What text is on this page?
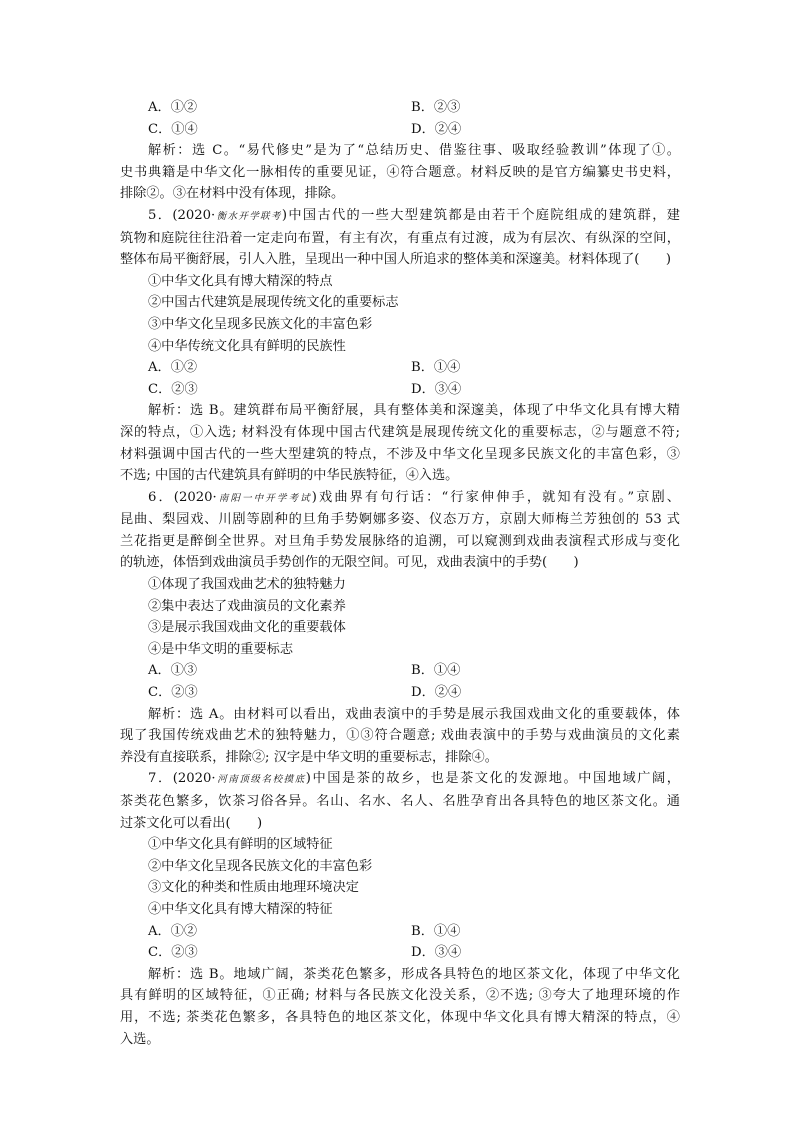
A．①②	B．②③
C．①④	D．②④
解析：选 C。“易代修史”是为了“总结历史、借鉴往事、吸取经验教训”体现了①。
史书典籍是中华文化一脉相传的重要见证，④符合题意。材料反映的是官方编纂史书史料，
排除②。③在材料中没有体现，排除。
5．(2020·衡水开学联考)中国古代的一些大型建筑都是由若干个庭院组成的建筑群，建
筑物和庭院往往沿着一定走向布置，有主有次，有重点有过渡，成为有层次、有纵深的空间，
整体布局平衡舒展，引人入胜，呈现出一种中国人所追求的整体美和深邃美。材料体现了(　　)
①中华文化具有博大精深的特点
②中国古代建筑是展现传统文化的重要标志
③中华文化呈现多民族文化的丰富色彩
④中华传统文化具有鲜明的民族性
A．①②	B．①④
C．②③	D．③④
解析：选 B。建筑群布局平衡舒展，具有整体美和深邃美，体现了中华文化具有博大精
深的特点，①入选; 材料没有体现中国古代建筑是展现传统文化的重要标志，②与题意不符;
材料强调中国古代的一些大型建筑的特点，不涉及中华文化呈现多民族文化的丰富色彩，③
不选; 中国的古代建筑具有鲜明的中华民族特征，④入选。
6．(2020·南阳一中开学考试)戏曲界有句行话：“行家伸伸手，就知有没有。”京剧、
昆曲、梨园戏、川剧等剧种的旦角手势婀娜多姿、仪态万方，京剧大师梅兰芳独创的 53 式
兰花指更是醉倒全世界。对旦角手势发展脉络的追溯，可以窥测到戏曲表演程式形成与变化
的轨迹，体悟到戏曲演员手势创作的无限空间。可见，戏曲表演中的手势(　　)
①体现了我国戏曲艺术的独特魅力
②集中表达了戏曲演员的文化素养
③是展示我国戏曲文化的重要载体
④是中华文明的重要标志
A．①③	B．①④
C．②③	D．②④
解析：选 A。由材料可以看出，戏曲表演中的手势是展示我国戏曲文化的重要载体，体
现了我国传统戏曲艺术的独特魅力，①③符合题意; 戏曲表演中的手势与戏曲演员的文化素
养没有直接联系，排除②; 汉字是中华文明的重要标志，排除④。
7．(2020·河南顶级名校摸底)中国是茶的故乡，也是茶文化的发源地。中国地域广阔，
茶类花色繁多，饮茶习俗各异。名山、名水、名人、名胜孕育出各具特色的地区茶文化。通
过茶文化可以看出(　　)
①中华文化具有鲜明的区域特征
②中华文化呈现各民族文化的丰富色彩
③文化的种类和性质由地理环境决定
④中华文化具有博大精深的特征
A．①②	B．①④
C．②③	D．③④
解析：选 B。地域广阔，茶类花色繁多，形成各具特色的地区茶文化，体现了中华文化
具有鲜明的区域特征，①正确; 材料与各民族文化没关系，②不选; ③夸大了地理环境的作
用，不选; 茶类花色繁多，各具特色的地区茶文化，体现中华文化具有博大精深的特点，④
入选。
